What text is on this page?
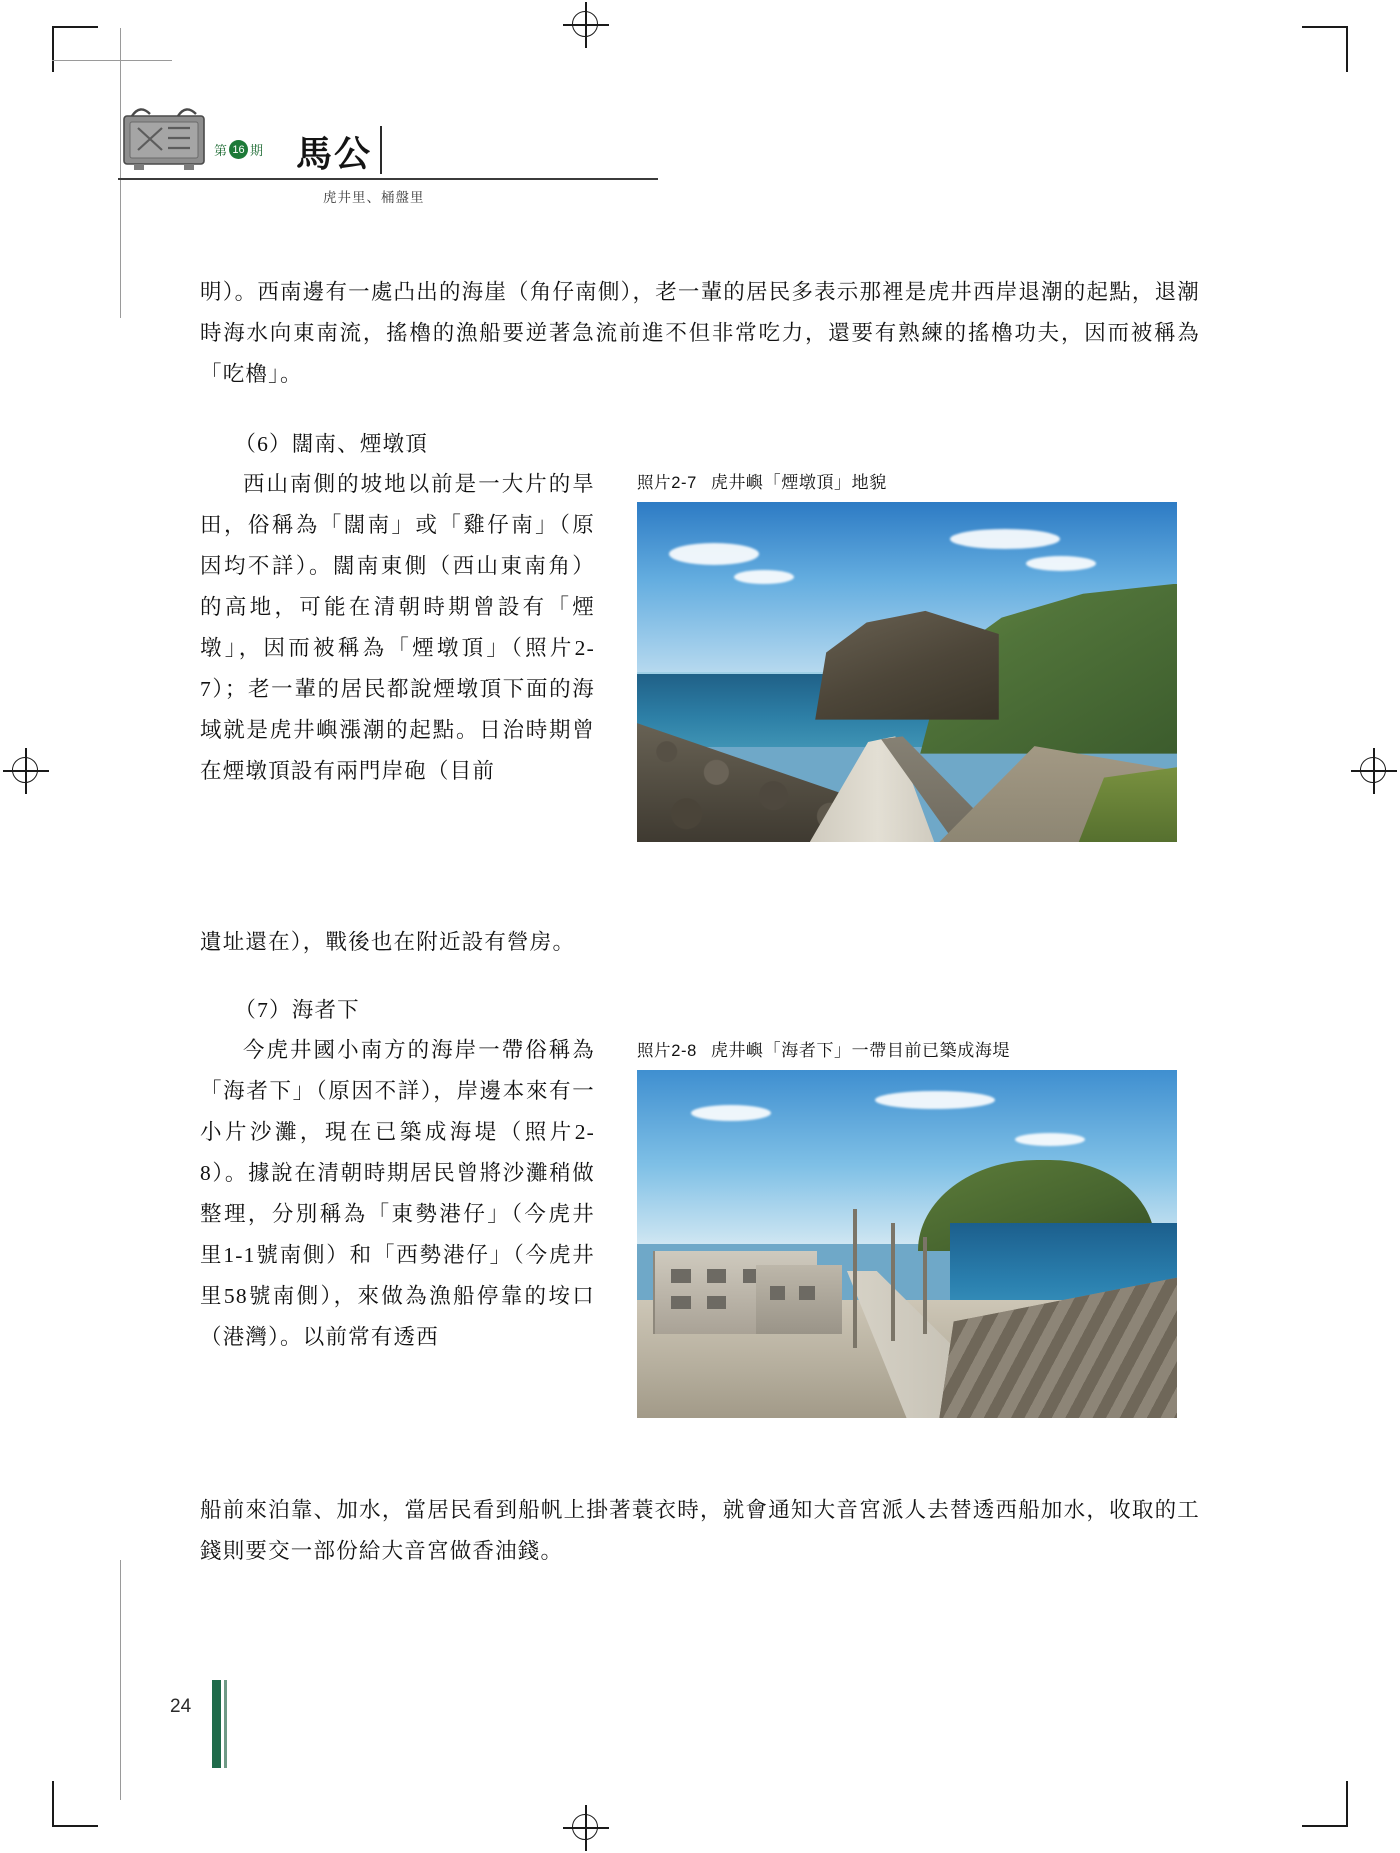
第 16 期 馬公
虎井里、桶盤里
明）。西南邊有一處凸出的海崖（角仔南側），老一輩的居民多表示那裡是虎井西岸退潮的起點，退潮時海水向東南流，搖櫓的漁船要逆著急流前進不但非常吃力，還要有熟練的搖櫓功夫，因而被稱為「吃櫓」。
（6）闊南、煙墩頂
西山南側的坡地以前是一大片的旱田，俗稱為「闊南」或「雞仔南」（原因均不詳）。闊南東側（西山東南角）的高地，可能在清朝時期曾設有「煙墩」，因而被稱為「煙墩頂」（照片2-7）；老一輩的居民都說煙墩頂下面的海域就是虎井嶼漲潮的起點。日治時期曾在煙墩頂設有兩門岸砲（目前
遺址還在），戰後也在附近設有營房。
（7）海者下
今虎井國小南方的海岸一帶俗稱為「海者下」（原因不詳），岸邊本來有一小片沙灘，現在已築成海堤（照片2-8）。據說在清朝時期居民曾將沙灘稍做整理，分別稱為「東勢港仔」（今虎井里1-1號南側）和「西勢港仔」（今虎井里58號南側），來做為漁船停靠的垵口（港灣）。以前常有透西
船前來泊靠、加水，當居民看到船帆上掛著蓑衣時，就會通知大音宮派人去替透西船加水，收取的工錢則要交一部份給大音宮做香油錢。
照片2-7 虎井嶼「煙墩頂」地貌
照片2-8 虎井嶼「海者下」一帶目前已築成海堤
24
